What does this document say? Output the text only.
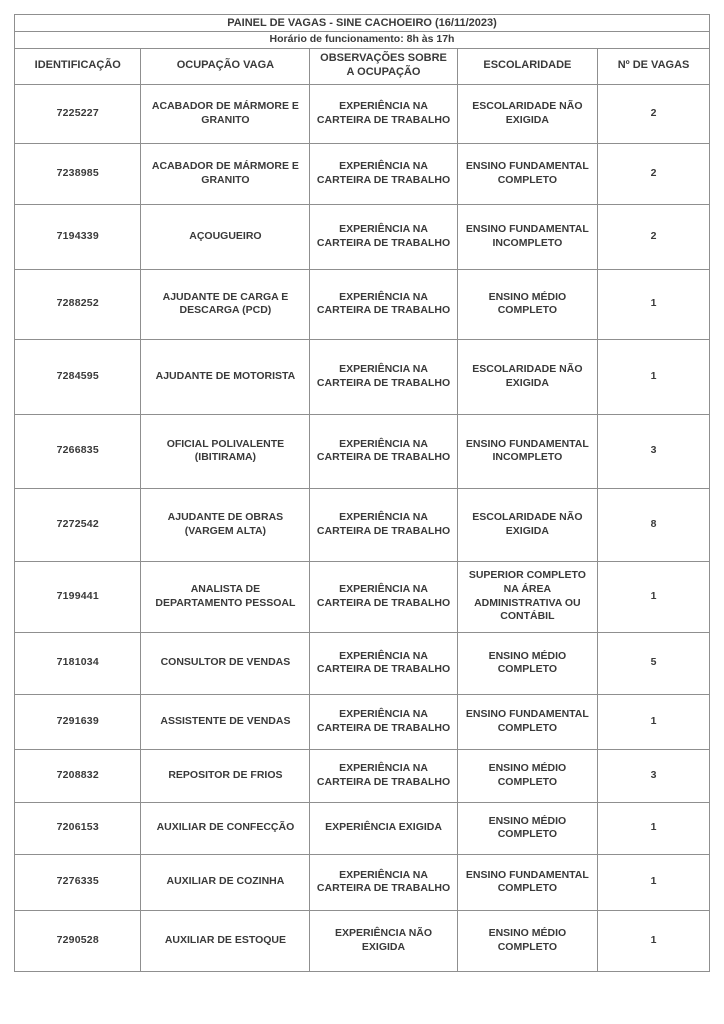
PAINEL DE VAGAS - SINE CACHOEIRO (16/11/2023)				
Horário de funcionamento: 8h às 17h				
IDENTIFICAÇÃO	OCUPAÇÃO VAGA	OBSERVAÇÕES SOBRE A OCUPAÇÃO	ESCOLARIDADE	Nº DE VAGAS
7225227	ACABADOR DE MÁRMORE E GRANITO	EXPERIÊNCIA NA CARTEIRA DE TRABALHO	ESCOLARIDADE NÃO EXIGIDA	2
7238985	ACABADOR DE MÁRMORE E GRANITO	EXPERIÊNCIA NA CARTEIRA DE TRABALHO	ENSINO FUNDAMENTAL COMPLETO	2
7194339	AÇOUGUEIRO	EXPERIÊNCIA NA CARTEIRA DE TRABALHO	ENSINO FUNDAMENTAL INCOMPLETO	2
7288252	AJUDANTE DE CARGA E DESCARGA (PCD)	EXPERIÊNCIA NA CARTEIRA DE TRABALHO	ENSINO MÉDIO COMPLETO	1
7284595	AJUDANTE DE MOTORISTA	EXPERIÊNCIA NA CARTEIRA DE TRABALHO	ESCOLARIDADE NÃO EXIGIDA	1
7266835	OFICIAL POLIVALENTE (IBITIRAMA)	EXPERIÊNCIA NA CARTEIRA DE TRABALHO	ENSINO FUNDAMENTAL INCOMPLETO	3
7272542	AJUDANTE DE OBRAS (VARGEM ALTA)	EXPERIÊNCIA NA CARTEIRA DE TRABALHO	ESCOLARIDADE NÃO EXIGIDA	8
7199441	ANALISTA DE DEPARTAMENTO PESSOAL	EXPERIÊNCIA NA CARTEIRA DE TRABALHO	SUPERIOR COMPLETO NA ÁREA ADMINISTRATIVA OU CONTÁBIL	1
7181034	CONSULTOR DE VENDAS	EXPERIÊNCIA NA CARTEIRA DE TRABALHO	ENSINO MÉDIO COMPLETO	5
7291639	ASSISTENTE DE VENDAS	EXPERIÊNCIA NA CARTEIRA DE TRABALHO	ENSINO FUNDAMENTAL COMPLETO	1
7208832	REPOSITOR DE FRIOS	EXPERIÊNCIA NA CARTEIRA DE TRABALHO	ENSINO MÉDIO COMPLETO	3
7206153	AUXILIAR DE CONFECÇÃO	EXPERIÊNCIA EXIGIDA	ENSINO MÉDIO COMPLETO	1
7276335	AUXILIAR DE COZINHA	EXPERIÊNCIA NA CARTEIRA DE TRABALHO	ENSINO FUNDAMENTAL COMPLETO	1
7290528	AUXILIAR DE ESTOQUE	EXPERIÊNCIA NÃO EXIGIDA	ENSINO MÉDIO COMPLETO	1
